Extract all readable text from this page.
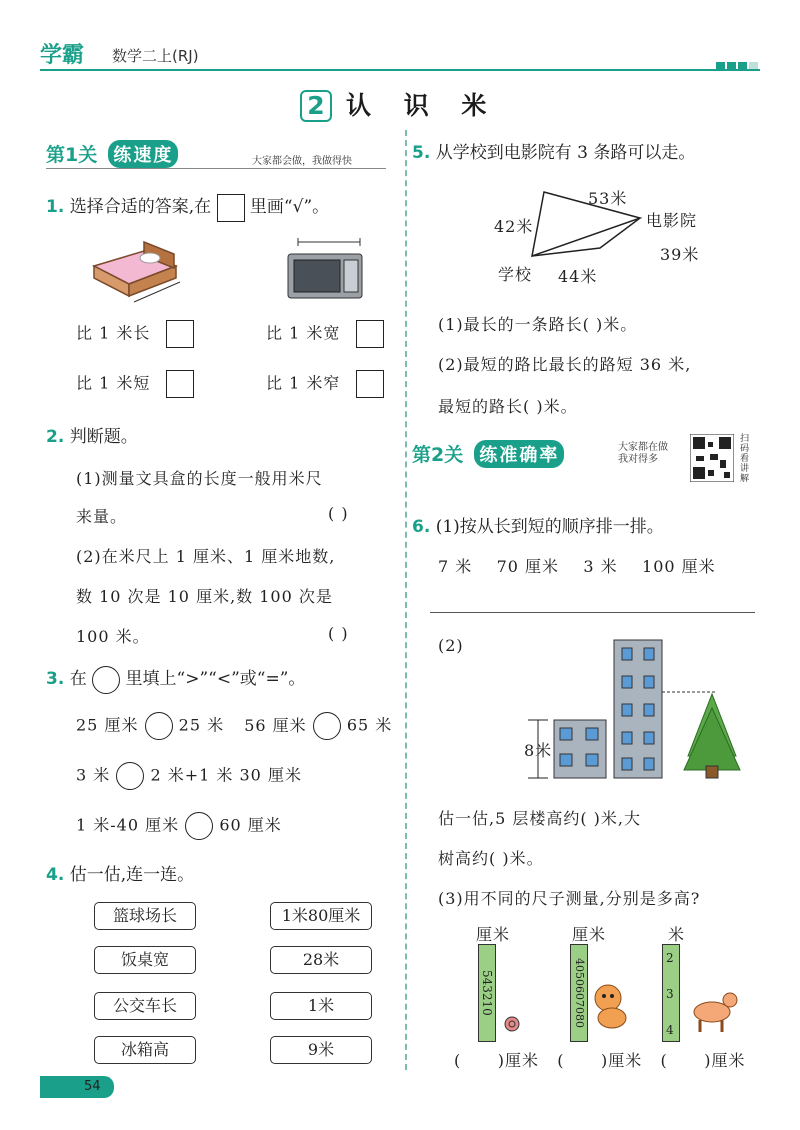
学霸 数学二上(RJ)
2 认 识 米
第1关 练速度	大家都会做，我做得快
1. 选择合适的答案,在 里画“√”。
比 1 米长	比 1 米宽
比 1 米短	比 1 米窄
2. 判断题。
(1)测量文具盒的长度一般用米尺
来量。	( )
(2)在米尺上 1 厘米、1 厘米地数,
数 10 次是 10 厘米,数 100 次是
100 米。	( )
3. 在 里填上“>”“<”或“=”。
25 厘米	25 米 56 厘米	65 米
3 米	2 米+1 米 30 厘米
1 米-40 厘米	60 厘米
4. 估一估,连一连。
篮球场长
饭桌宽
公交车长
冰箱高
1米80厘米
28米
1米
9米
5. 从学校到电影院有 3 条路可以走。
53米
42米
39米
44米
学校
电影院
(1)最长的一条路长( )米。
(2)最短的路比最长的路短 36 米,
最短的路长( )米。
第2关 练准确率	大家都在做
我对得多
扫码看讲解
6. (1)按从长到短的顺序排一排。
7 米    70 厘米    3 米    100 厘米
(2)
8米
估一估,5 层楼高约( )米,大
树高约( )米。
(3)用不同的尺子测量,分别是多高?
厘米	厘米	米
543210	4050607080	2
3
4
(      )厘米   (      )厘米   (      )厘米
54
